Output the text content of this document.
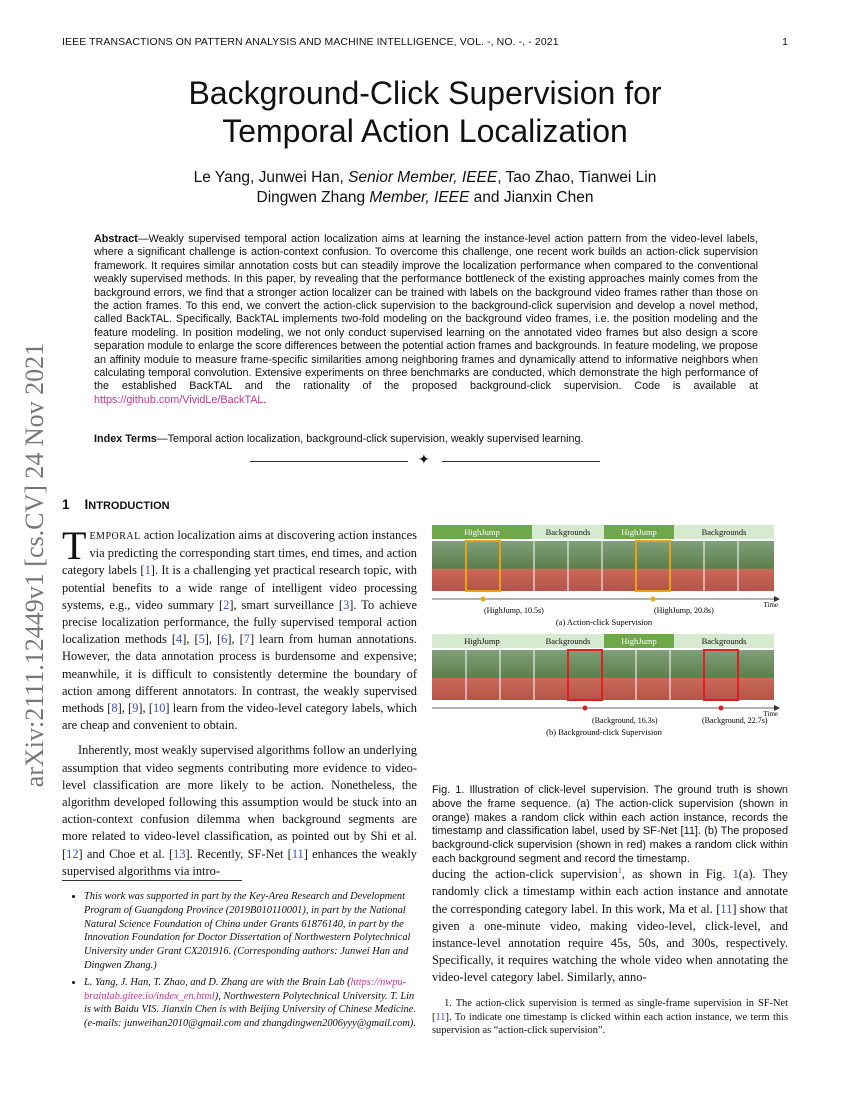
IEEE TRANSACTIONS ON PATTERN ANALYSIS AND MACHINE INTELLIGENCE, VOL. -, NO. -, - 2021	1
arXiv:2111.12449v1 [cs.CV] 24 Nov 2021
Background-Click Supervision for
Temporal Action Localization
Le Yang, Junwei Han, Senior Member, IEEE, Tao Zhao, Tianwei Lin
Dingwen Zhang Member, IEEE and Jianxin Chen
Abstract—Weakly supervised temporal action localization aims at learning the instance-level action pattern from the video-level labels, where a significant challenge is action-context confusion. To overcome this challenge, one recent work builds an action-click supervision framework. It requires similar annotation costs but can steadily improve the localization performance when compared to the conventional weakly supervised methods. In this paper, by revealing that the performance bottleneck of the existing approaches mainly comes from the background errors, we find that a stronger action localizer can be trained with labels on the background video frames rather than those on the action frames. To this end, we convert the action-click supervision to the background-click supervision and develop a novel method, called BackTAL. Specifically, BackTAL implements two-fold modeling on the background video frames, i.e. the position modeling and the feature modeling. In position modeling, we not only conduct supervised learning on the annotated video frames but also design a score separation module to enlarge the score differences between the potential action frames and backgrounds. In feature modeling, we propose an affinity module to measure frame-specific similarities among neighboring frames and dynamically attend to informative neighbors when calculating temporal convolution. Extensive experiments on three benchmarks are conducted, which demonstrate the high performance of the established BackTAL and the rationality of the proposed background-click supervision. Code is available at https://github.com/VividLe/BackTAL.
Index Terms—Temporal action localization, background-click supervision, weakly supervised learning.
✦
1 INTRODUCTION

TEMPORAL action localization aims at discovering action instances via predicting the corresponding start times, end times, and action category labels [1]. It is a challenging yet practical research topic, with potential benefits to a wide range of intelligent video processing systems, e.g., video summary [2], smart surveillance [3]. To achieve precise localization performance, the fully supervised temporal action localization methods [4], [5], [6], [7] learn from human annotations. However, the data annotation process is burdensome and expensive; meanwhile, it is difficult to consistently determine the boundary of action among different annotators. In contrast, the weakly supervised methods [8], [9], [10] learn from the video-level category labels, which are cheap and convenient to obtain.

Inherently, most weakly supervised algorithms follow an underlying assumption that video segments contributing more evidence to video-level classification are more likely to be action. Nonetheless, the algorithm developed following this assumption would be stuck into an action-context confusion dilemma when background segments are more related to video-level classification, as pointed out by Shi et al. [12] and Choe et al. [13]. Recently, SF-Net [11] enhances the weakly supervised algorithms via intro-

• This work was supported in part by the Key-Area Research and Development Program of Guangdong Province (2019B010110001), in part by the National Natural Science Foundation of China under Grants 61876140, in part by the Innovation Foundation for Doctor Dissertation of Northwestern Polytechnical University under Grant CX201916. (Corresponding authors: Junwei Han and Dingwen Zhang.)
• L. Yang, J. Han, T. Zhao, and D. Zhang are with the Brain Lab (https://nwpu-brainlab.gitee.io/index_en.html), Northwestern Polytechnical University. T. Lin is with Baidu VIS. Jianxin Chen is with Beijing University of Chinese Medicine. (e-mails: junweihan2010@gmail.com and zhangdingwen2006yyy@gmail.com).
HighJump	Backgrounds	HighJump	Backgrounds
Time
(HighJump, 10.5s)	(HighJump, 20.8s)
(a) Action-click Supervision
HighJump	Backgrounds	HighJump	Backgrounds
Time
(Background, 16.3s)	(Background, 22.7s)
(b) Background-click Supervision
Fig. 1. Illustration of click-level supervision. The ground truth is shown above the frame sequence. (a) The action-click supervision (shown in orange) makes a random click within each action instance, records the timestamp and classification label, used by SF-Net [11]. (b) The proposed background-click supervision (shown in red) makes a random click within each background segment and record the timestamp.
ducing the action-click supervision$^1$, as shown in Fig. 1(a). They randomly click a timestamp within each action instance and annotate the corresponding category label. In this work, Ma et al. [11] show that given a one-minute video, making video-level, click-level, and instance-level annotation require 45s, 50s, and 300s, respectively. Specifically, it requires watching the whole video when annotating the video-level category label. Similarly, anno-
1. The action-click supervision is termed as single-frame supervision in SF-Net [11]. To indicate one timestamp is clicked within each action instance, we term this supervision as “action-click supervision”.
